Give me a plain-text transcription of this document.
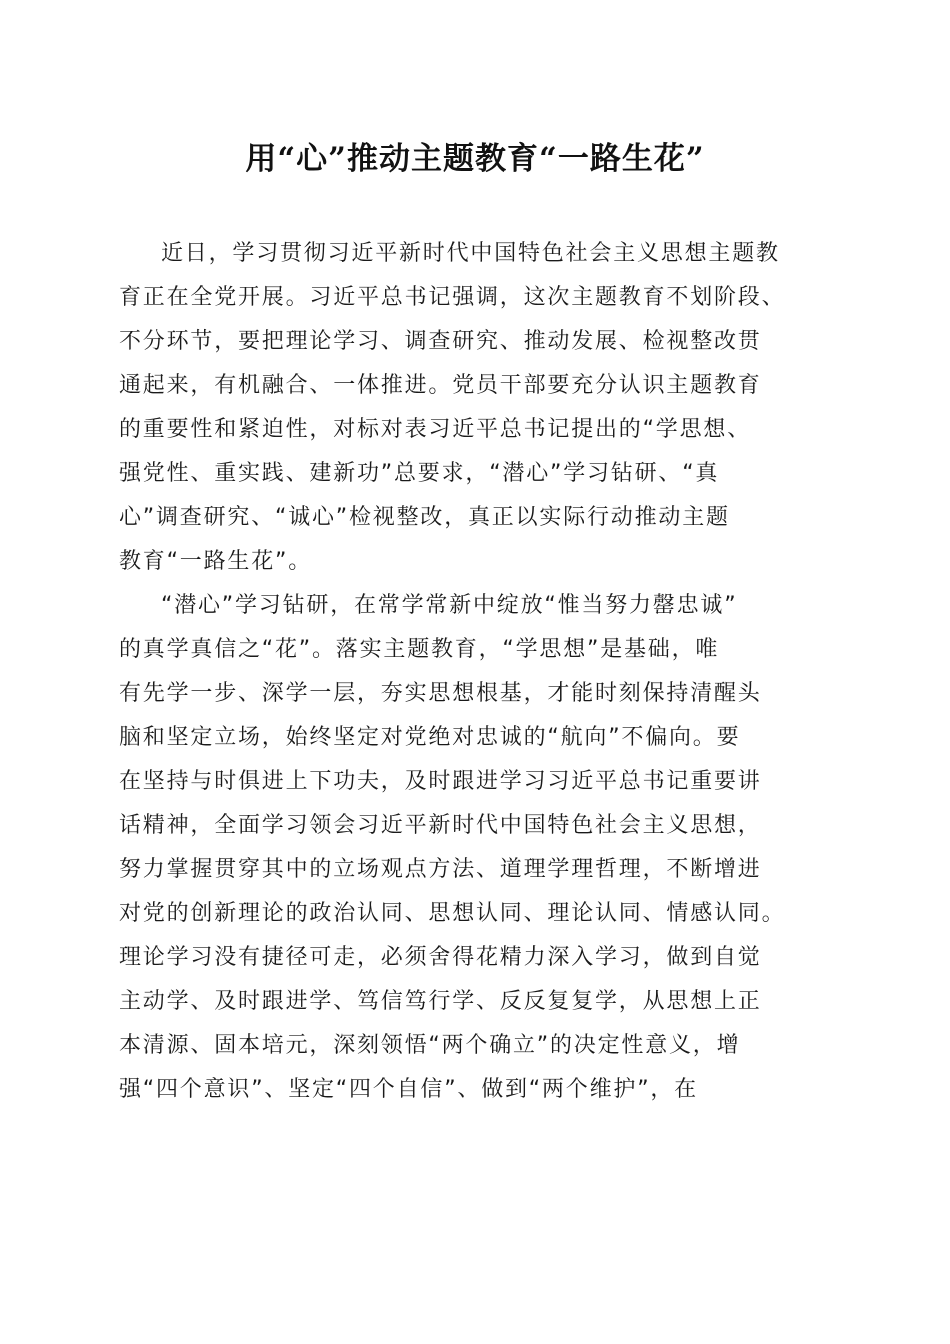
用“心”推动主题教育“一路生花”
近日，学习贯彻习近平新时代中国特色社会主义思想主题教
育正在全党开展。习近平总书记强调，这次主题教育不划阶段、
不分环节，要把理论学习、调查研究、推动发展、检视整改贯
通起来，有机融合、一体推进。党员干部要充分认识主题教育
的重要性和紧迫性，对标对表习近平总书记提出的“学思想、
强党性、重实践、建新功”总要求，“潜心”学习钻研、“真
心”调查研究、“诚心”检视整改，真正以实际行动推动主题
教育“一路生花”。
“潜心”学习钻研，在常学常新中绽放“惟当努力罄忠诚”
的真学真信之“花”。落实主题教育，“学思想”是基础，唯
有先学一步、深学一层，夯实思想根基，才能时刻保持清醒头
脑和坚定立场，始终坚定对党绝对忠诚的“航向”不偏向。要
在坚持与时俱进上下功夫，及时跟进学习习近平总书记重要讲
话精神，全面学习领会习近平新时代中国特色社会主义思想，
努力掌握贯穿其中的立场观点方法、道理学理哲理，不断增进
对党的创新理论的政治认同、思想认同、理论认同、情感认同。
理论学习没有捷径可走，必须舍得花精力深入学习，做到自觉
主动学、及时跟进学、笃信笃行学、反反复复学，从思想上正
本清源、固本培元，深刻领悟“两个确立”的决定性意义，增
强“四个意识”、坚定“四个自信”、做到“两个维护”，在
